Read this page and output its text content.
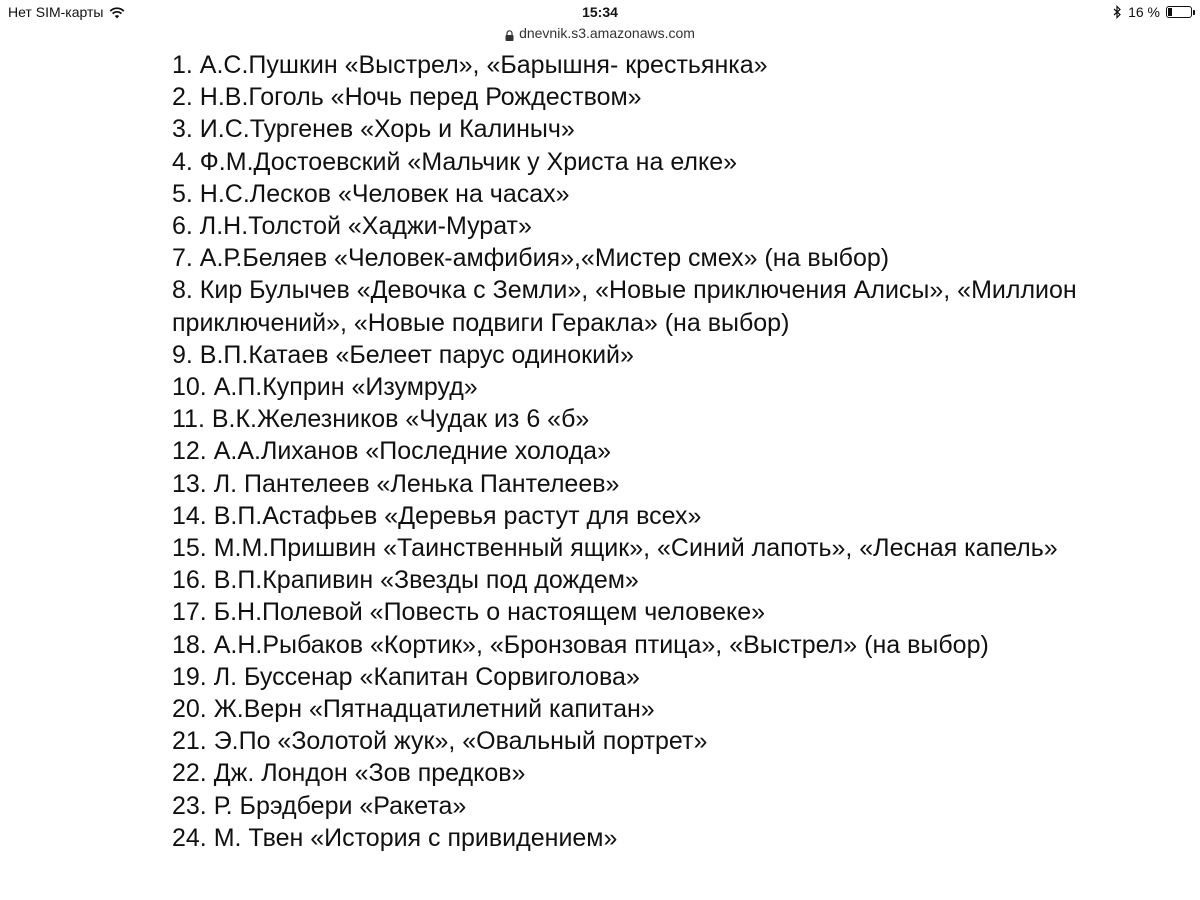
Нет SIM-карты	15:34	16 %
dnevnik.s3.amazonaws.com

1. А.С.Пушкин «Выстрел», «Барышня- крестьянка»

2. Н.В.Гоголь «Ночь перед Рождеством»

3. И.С.Тургенев «Хорь и Калиныч»

4. Ф.М.Достоевский «Мальчик у Христа на елке»

5. Н.С.Лесков «Человек на часах»

6. Л.Н.Толстой «Хаджи-Мурат»

7. А.Р.Беляев «Человек-амфибия»,«Мистер смех» (на выбор)

8. Кир Булычев «Девочка с Земли», «Новые приключения Алисы», «Миллион приключений», «Новые подвиги Геракла» (на выбор)

9. В.П.Катаев «Белеет парус одинокий»

10. А.П.Куприн «Изумруд»

11. В.К.Железников «Чудак из 6 «б»

12. А.А.Лиханов «Последние холода»

13. Л. Пантелеев «Ленька Пантелеев»

14. В.П.Астафьев «Деревья растут для всех»

15. М.М.Пришвин «Таинственный ящик», «Синий лапоть», «Лесная капель»

16. В.П.Крапивин «Звезды под дождем»

17. Б.Н.Полевой «Повесть о настоящем человеке»

18. А.Н.Рыбаков «Кортик», «Бронзовая птица», «Выстрел» (на выбор)

19. Л. Буссенар «Капитан Сорвиголова»

20. Ж.Верн «Пятнадцатилетний капитан»

21. Э.По «Золотой жук», «Овальный портрет»

22. Дж. Лондон «Зов предков»

23. Р. Брэдбери «Ракета»

24. М. Твен «История с привидением»
